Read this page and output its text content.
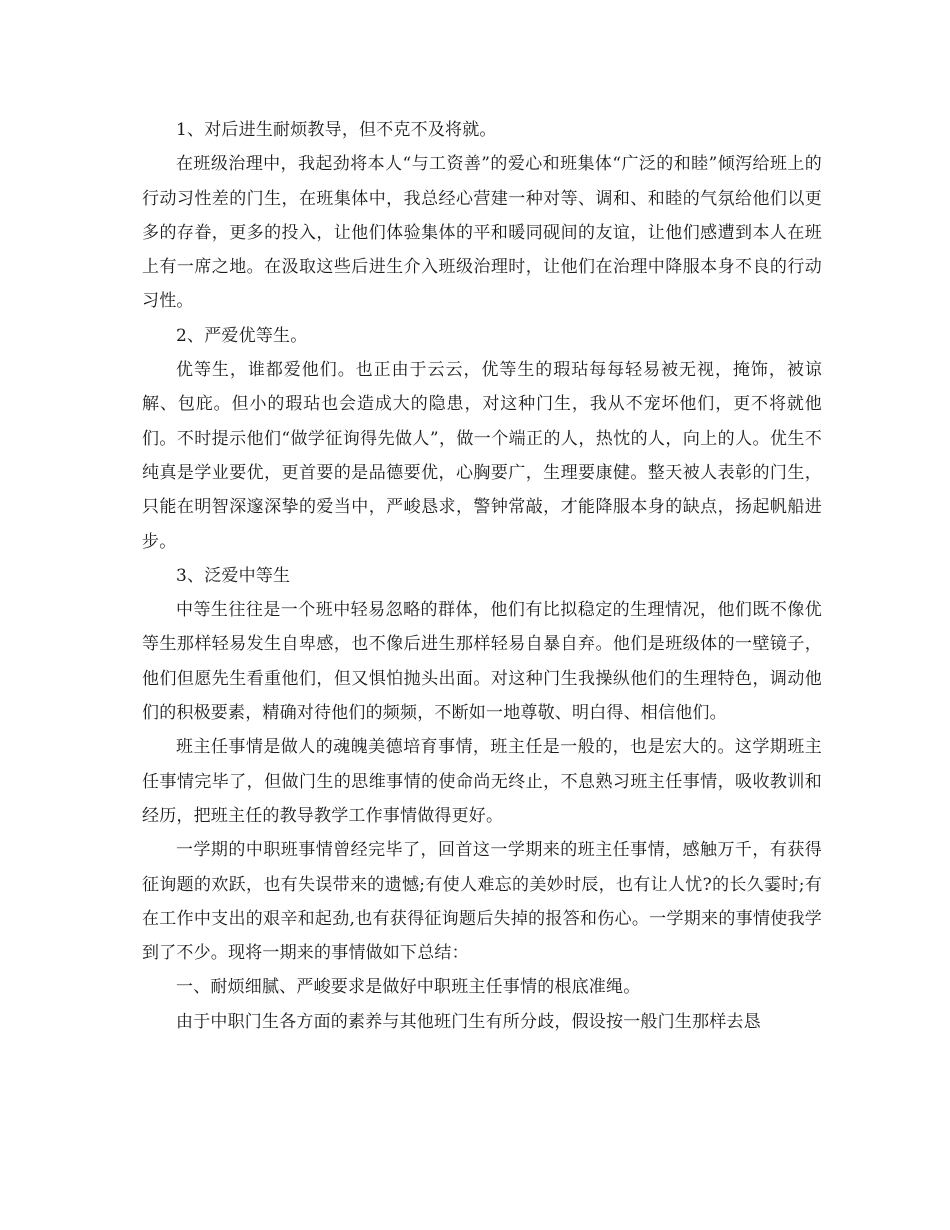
1、对后进生耐烦教导，但不克不及将就。

在班级治理中，我起劲将本人“与工资善”的爱心和班集体“广泛的和睦”倾泻给班上的行动习性差的门生，在班集体中，我总经心营建一种对等、调和、和睦的气氛给他们以更多的存眷，更多的投入，让他们体验集体的平和暖同砚间的友谊，让他们感遭到本人在班上有一席之地。在汲取这些后进生介入班级治理时，让他们在治理中降服本身不良的行动习性。

2、严爱优等生。

优等生，谁都爱他们。也正由于云云，优等生的瑕玷每每轻易被无视，掩饰，被谅解、包庇。但小的瑕玷也会造成大的隐患，对这种门生，我从不宠坏他们，更不将就他们。不时提示他们“做学征询得先做人”，做一个端正的人，热忱的人，向上的人。优生不纯真是学业要优，更首要的是品德要优，心胸要广，生理要康健。整天被人表彰的门生，只能在明智深邃深挚的爱当中，严峻恳求，警钟常敲，才能降服本身的缺点，扬起帆船进步。

3、泛爱中等生

中等生往往是一个班中轻易忽略的群体，他们有比拟稳定的生理情况，他们既不像优等生那样轻易发生自卑感，也不像后进生那样轻易自暴自弃。他们是班级体的一壁镜子，他们但愿先生看重他们，但又惧怕抛头出面。对这种门生我操纵他们的生理特色，调动他们的积极要素，精确对待他们的频频，不断如一地尊敬、明白得、相信他们。

班主任事情是做人的魂魄美德培育事情，班主任是一般的，也是宏大的。这学期班主任事情完毕了，但做门生的思维事情的使命尚无终止，不息熟习班主任事情，吸收教训和经历，把班主任的教导教学工作事情做得更好。

一学期的中职班事情曾经完毕了，回首这一学期来的班主任事情，感触万千，有获得征询题的欢跃，也有失误带来的遗憾;有使人难忘的美妙时辰，也有让人忧?的长久霎时;有在工作中支出的艰辛和起劲,也有获得征询题后失掉的报答和伤心。一学期来的事情使我学到了不少。现将一期来的事情做如下总结：

一、耐烦细腻、严峻要求是做好中职班主任事情的根底准绳。

由于中职门生各方面的素养与其他班门生有所分歧，假设按一般门生那样去恳
